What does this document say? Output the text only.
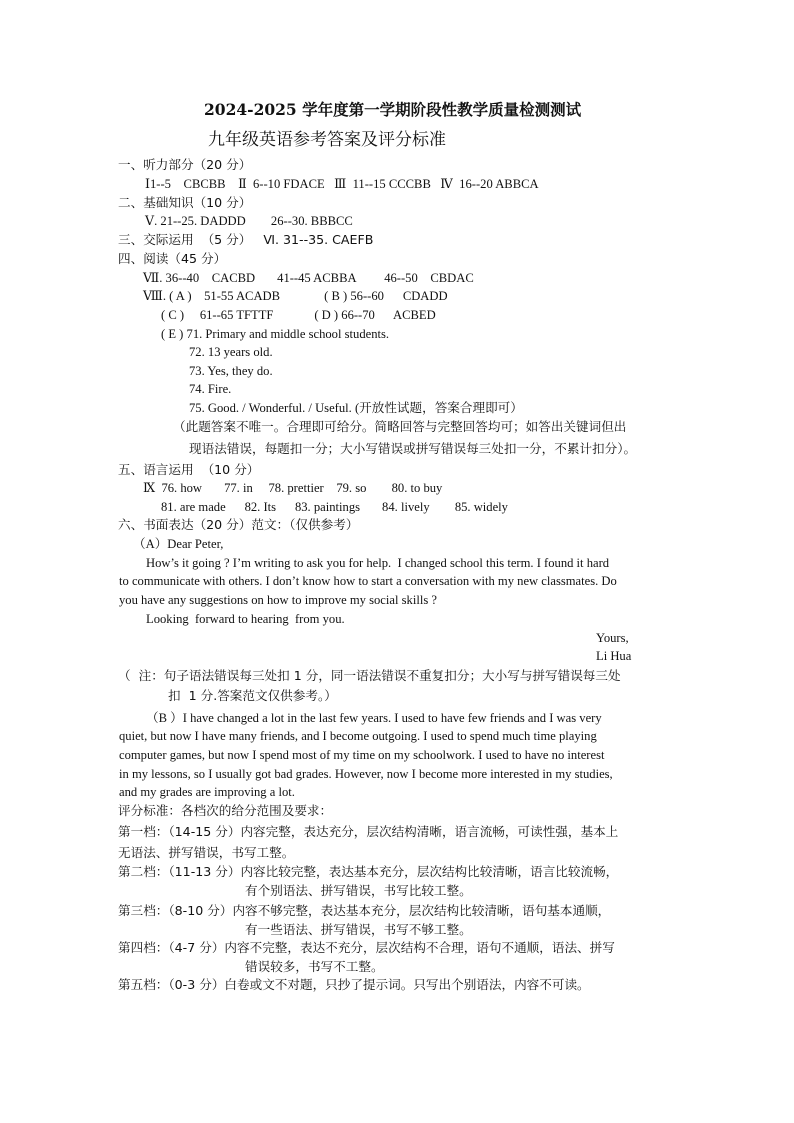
2024-2025 学年度第一学期阶段性教学质量检测测试
九年级英语参考答案及评分标准
一、听力部分（20 分）
Ⅰ1--5    CBCBB    Ⅱ  6--10 FDACE   Ⅲ  11--15 CCCBB   Ⅳ  16--20 ABBCA
二、基础知识（10 分）
Ⅴ. 21--25. DADDD        26--30. BBBCC
三、交际运用  （5 分）   Ⅵ. 31--35. CAEFB
四、阅读（45 分）
Ⅶ. 36--40    CACBD       41--45 ACBBA         46--50    CBDAC
Ⅷ. ( A )    51-55 ACADB              ( B ) 56--60      CDADD
( C )     61--65 TFTTF             ( D ) 66--70      ACBED
( E ) 71. Primary and middle school students.
72. 13 years old.
73. Yes, they do.
74. Fire.
75. Good. / Wonderful. / Useful. (开放性试题，答案合理即可）
（此题答案不唯一。合理即可给分。简略回答与完整回答均可；如答出关键词但出
现语法错误，每题扣一分；大小写错误或拼写错误每三处扣一分，不累计扣分）。
五、语言运用  （10 分）
Ⅸ  76. how       77. in     78. prettier    79. so        80. to buy
81. are made      82. Its      83. paintings       84. lively        85. widely
六、书面表达（20 分）范文：（仅供参考）
（A）Dear Peter,
How’s it going ? I’m writing to ask you for help.  I changed school this term. I found it hard
to communicate with others. I don’t know how to start a conversation with my new classmates. Do
you have any suggestions on how to improve my social skills ?
Looking  forward to hearing  from you.
Yours,
Li Hua
（  注：句子语法错误每三处扣 1 分，同一语法错误不重复扣分；大小写与拼写错误每三处
扣  1 分.答案范文仅供参考。）
（B ）I have changed a lot in the last few years. I used to have few friends and I was very
quiet, but now I have many friends, and I become outgoing. I used to spend much time playing
computer games, but now I spend most of my time on my schoolwork. I used to have no interest
in my lessons, so I usually got bad grades. However, now I become more interested in my studies,
and my grades are improving a lot.
评分标准：各档次的给分范围及要求：
第一档：（14-15 分）内容完整，表达充分，层次结构清晰，语言流畅，可读性强，基本上
无语法、拼写错误，书写工整。
第二档：（11-13 分）内容比较完整，表达基本充分，层次结构比较清晰，语言比较流畅，
有个别语法、拼写错误，书写比较工整。
第三档：（8-10 分）内容不够完整，表达基本充分，层次结构比较清晰，语句基本通顺，
有一些语法、拼写错误，书写不够工整。
第四档：（4-7 分）内容不完整，表达不充分，层次结构不合理，语句不通顺，语法、拼写
错误较多，书写不工整。
第五档：（0-3 分）白卷或文不对题，只抄了提示词。只写出个别语法，内容不可读。
